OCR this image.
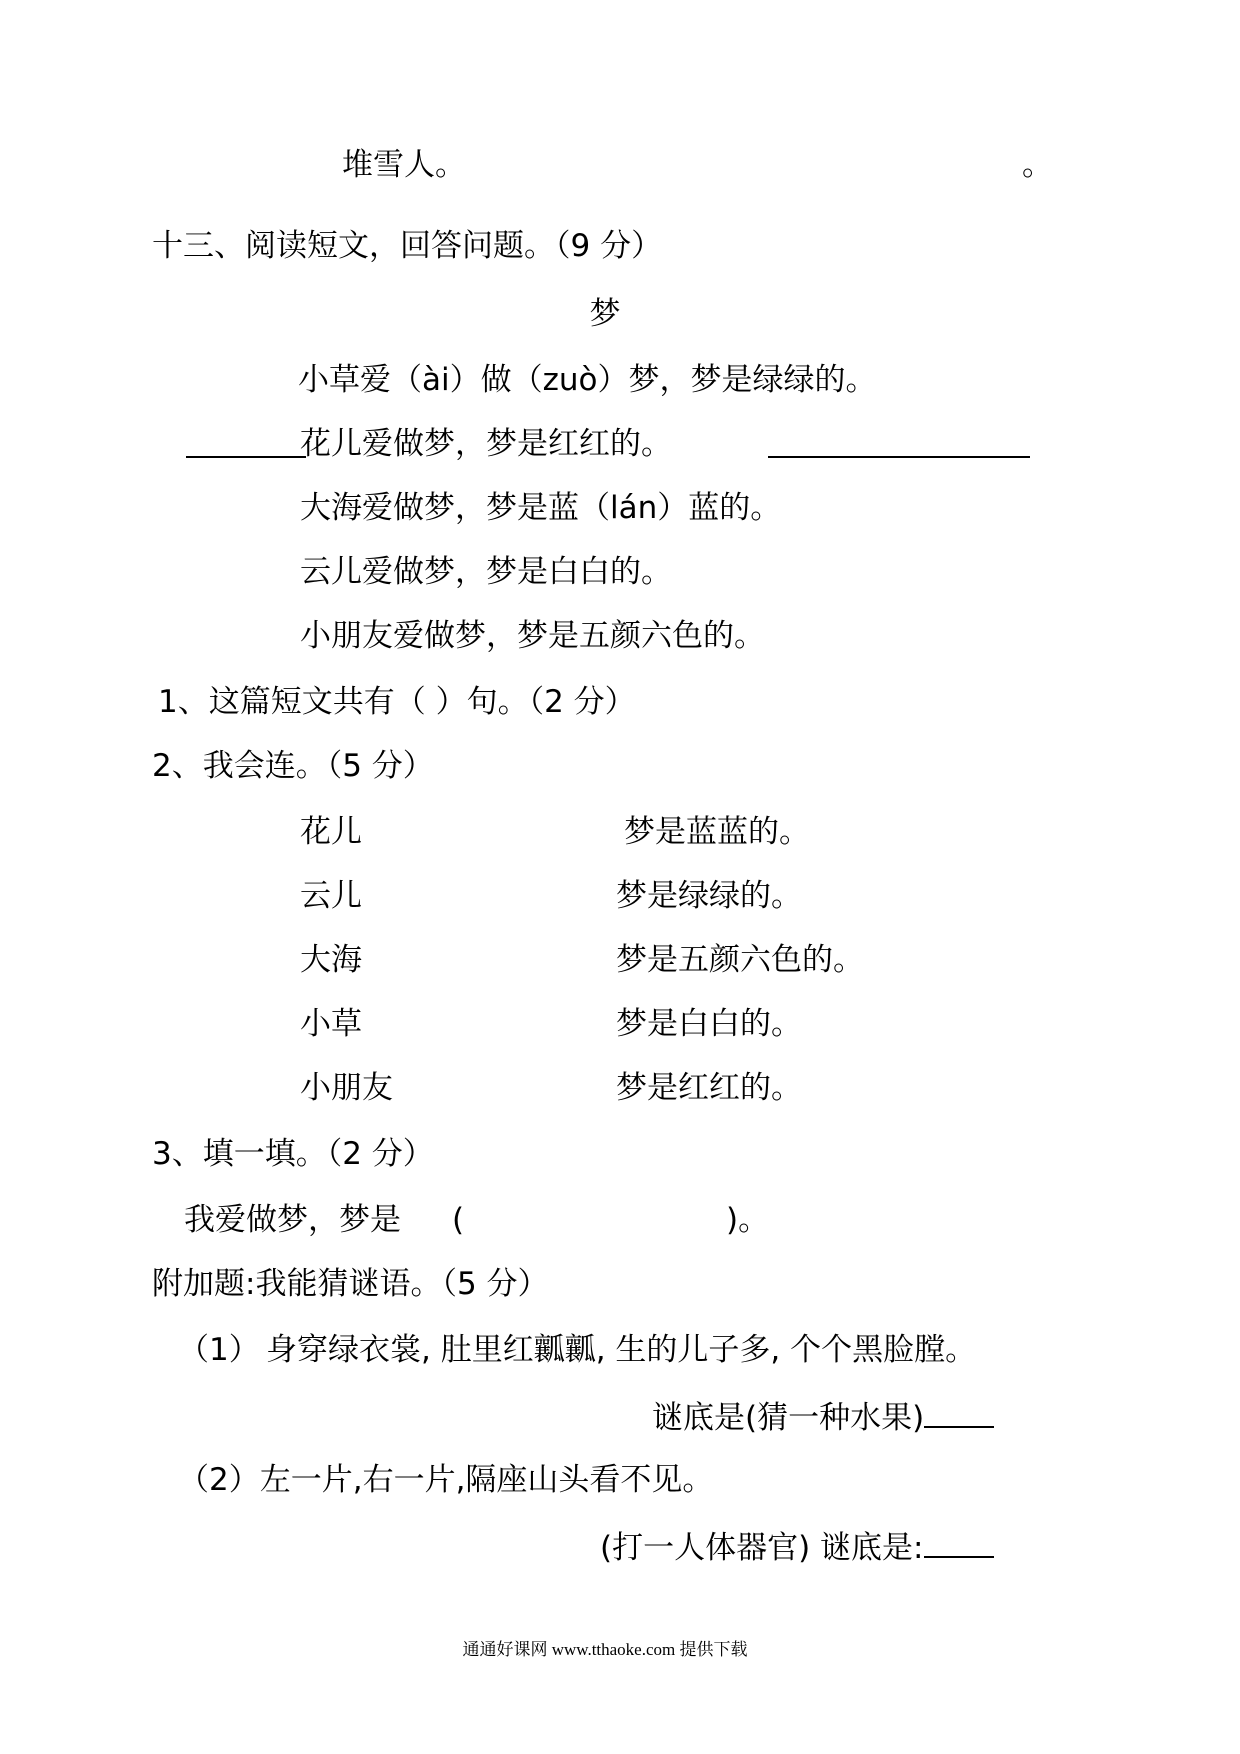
堆雪人。	。
十三、阅读短文，回答问题。（9 分）
梦
小草爱（ài）做（zuò）梦，梦是绿绿的。
花儿爱做梦，梦是红红的。
大海爱做梦，梦是蓝（lán）蓝的。
云儿爱做梦，梦是白白的。
小朋友爱做梦，梦是五颜六色的。
1、这篇短文共有（ ）句。（2 分）
2、我会连。（5 分）
花儿	梦是蓝蓝的。
云儿	梦是绿绿的。
大海	梦是五颜六色的。
小草	梦是白白的。
小朋友	梦是红红的。
3、填一填。（2 分）
我爱做梦，梦是 (	)。
附加题:我能猜谜语。（5 分）
（1） 身穿绿衣裳, 肚里红瓤瓤, 生的儿子多, 个个黑脸膛。
谜底是(猜一种水果)
（2）左一片,右一片,隔座山头看不见。
(打一人体器官) 谜底是:
通通好课网 www.tthaoke.com 提供下载
